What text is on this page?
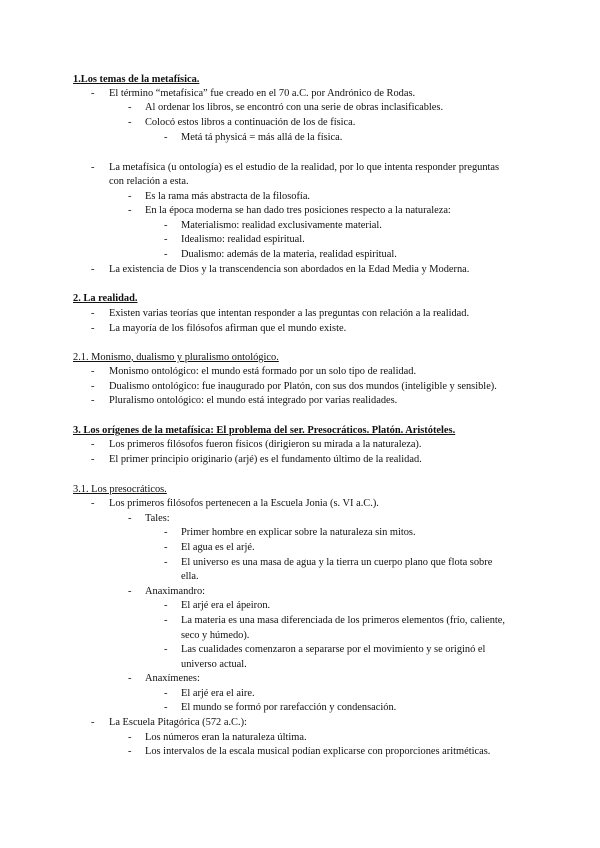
1.Los temas de la metafísica.
- El término “metafísica” fue creado en el 70 a.C. por Andrónico de Rodas.
- Al ordenar los libros, se encontró con una serie de obras inclasificables.
- Colocó estos libros a continuación de los de física.
- Metá tá physicá = más allá de la física.
- La metafísica (u ontología) es el estudio de la realidad, por lo que intenta responder preguntas
con relación a esta.
- Es la rama más abstracta de la filosofía.
- En la época moderna se han dado tres posiciones respecto a la naturaleza:
- Materialismo: realidad exclusivamente material.
- Idealismo: realidad espiritual.
- Dualismo: además de la materia, realidad espiritual.
- La existencia de Dios y la transcendencia son abordados en la Edad Media y Moderna.
2. La realidad.
- Existen varias teorías que intentan responder a las preguntas con relación a la realidad.
- La mayoría de los filósofos afirman que el mundo existe.
2.1. Monismo, dualismo y pluralismo ontológico.
- Monismo ontológico: el mundo está formado por un solo tipo de realidad.
- Dualismo ontológico: fue inaugurado por Platón, con sus dos mundos (inteligible y sensible).
- Pluralismo ontológico: el mundo está integrado por varias realidades.
3. Los orígenes de la metafísica: El problema del ser. Presocráticos. Platón. Aristóteles.
- Los primeros filósofos fueron físicos (dirigieron su mirada a la naturaleza).
- El primer principio originario (arjé) es el fundamento último de la realidad.
3.1. Los presocráticos.
- Los primeros filósofos pertenecen a la Escuela Jonia (s. VI a.C.).
- Tales:
- Primer hombre en explicar sobre la naturaleza sin mitos.
- El agua es el arjé.
- El universo es una masa de agua y la tierra un cuerpo plano que flota sobre
ella.
- Anaximandro:
- El arjé era el ápeiron.
- La materia es una masa diferenciada de los primeros elementos (frío, caliente,
seco y húmedo).
- Las cualidades comenzaron a separarse por el movimiento y se originó el
universo actual.
- Anaxímenes:
- El arjé era el aire.
- El mundo se formó por rarefacción y condensación.
- La Escuela Pitagórica (572 a.C.):
- Los números eran la naturaleza última.
- Los intervalos de la escala musical podían explicarse con proporciones aritméticas.
